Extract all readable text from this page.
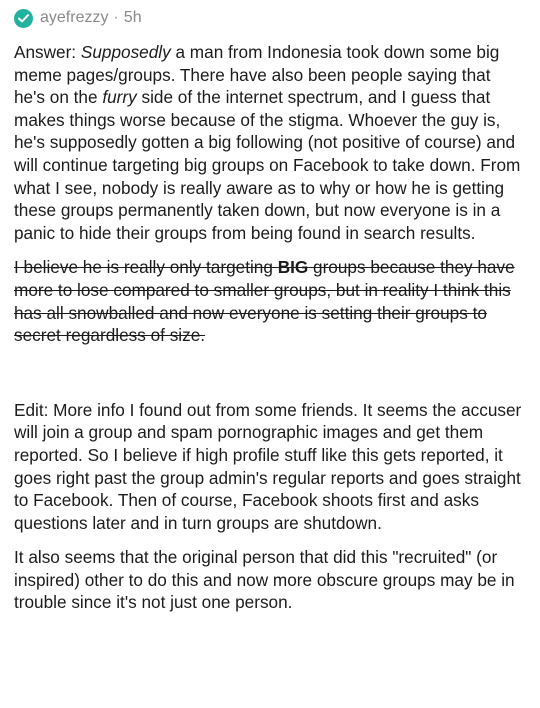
ayefrezzy · 5h

Answer: Supposedly a man from Indonesia took down some big meme pages/groups. There have also been people saying that he's on the furry side of the internet spectrum, and I guess that makes things worse because of the stigma. Whoever the guy is, he's supposedly gotten a big following (not positive of course) and will continue targeting big groups on Facebook to take down. From what I see, nobody is really aware as to why or how he is getting these groups permanently taken down, but now everyone is in a panic to hide their groups from being found in search results.

I believe he is really only targeting BIG groups because they have more to lose compared to smaller groups, but in reality I think this has all snowballed and now everyone is setting their groups to secret regardless of size.

Edit: More info I found out from some friends. It seems the accuser will join a group and spam pornographic images and get them reported. So I believe if high profile stuff like this gets reported, it goes right past the group admin's regular reports and goes straight to Facebook. Then of course, Facebook shoots first and asks questions later and in turn groups are shutdown.

It also seems that the original person that did this "recruited" (or inspired) other to do this and now more obscure groups may be in trouble since it's not just one person.
